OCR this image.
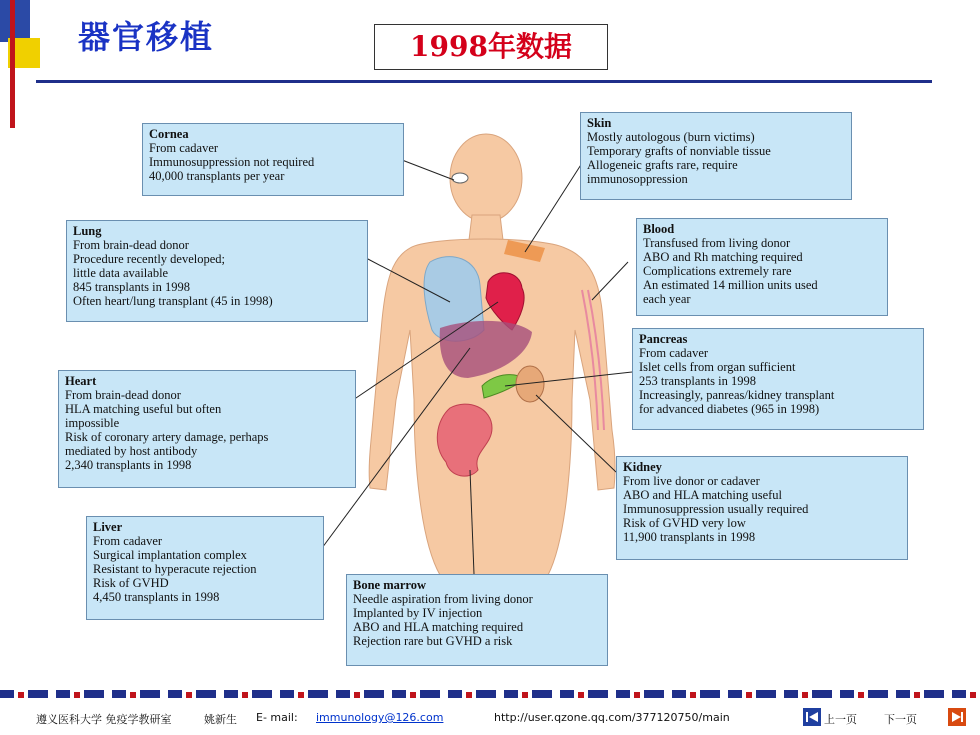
器官移植	1998年数据
Cornea
From cadaver
Immunosuppression not required
40,000 transplants per year
Lung
From brain-dead donor
Procedure recently developed;
little data available
845 transplants in 1998
Often heart/lung transplant (45 in 1998)
Heart
From brain-dead donor
HLA matching useful but often
impossible
Risk of coronary artery damage, perhaps
mediated by host antibody
2,340 transplants in 1998
Liver
From cadaver
Surgical implantation complex
Resistant to hyperacute rejection
Risk of GVHD
4,450 transplants in 1998
Bone marrow
Needle aspiration from living donor
Implanted by IV injection
ABO and HLA matching required
Rejection rare but GVHD a risk
Skin
Mostly autologous (burn victims)
Temporary grafts of nonviable tissue
Allogeneic grafts rare, require
immunosoppression
Blood
Transfused from living donor
ABO and Rh matching required
Complications extremely rare
An estimated 14 million units used
each year
Pancreas
From cadaver
Islet cells from organ sufficient
253 transplants in 1998
Increasingly, panreas/kidney transplant
for advanced diabetes (965 in 1998)
Kidney
From live donor or cadaver
ABO and HLA matching useful
Immunosuppression usually required
Risk of GVHD very low
11,900 transplants in 1998
遵义医科大学 免疫学教研室	姚新生 E- mail: immunology@126.com	http://user.qzone.qq.com/377120750/main	上一页 下一页
